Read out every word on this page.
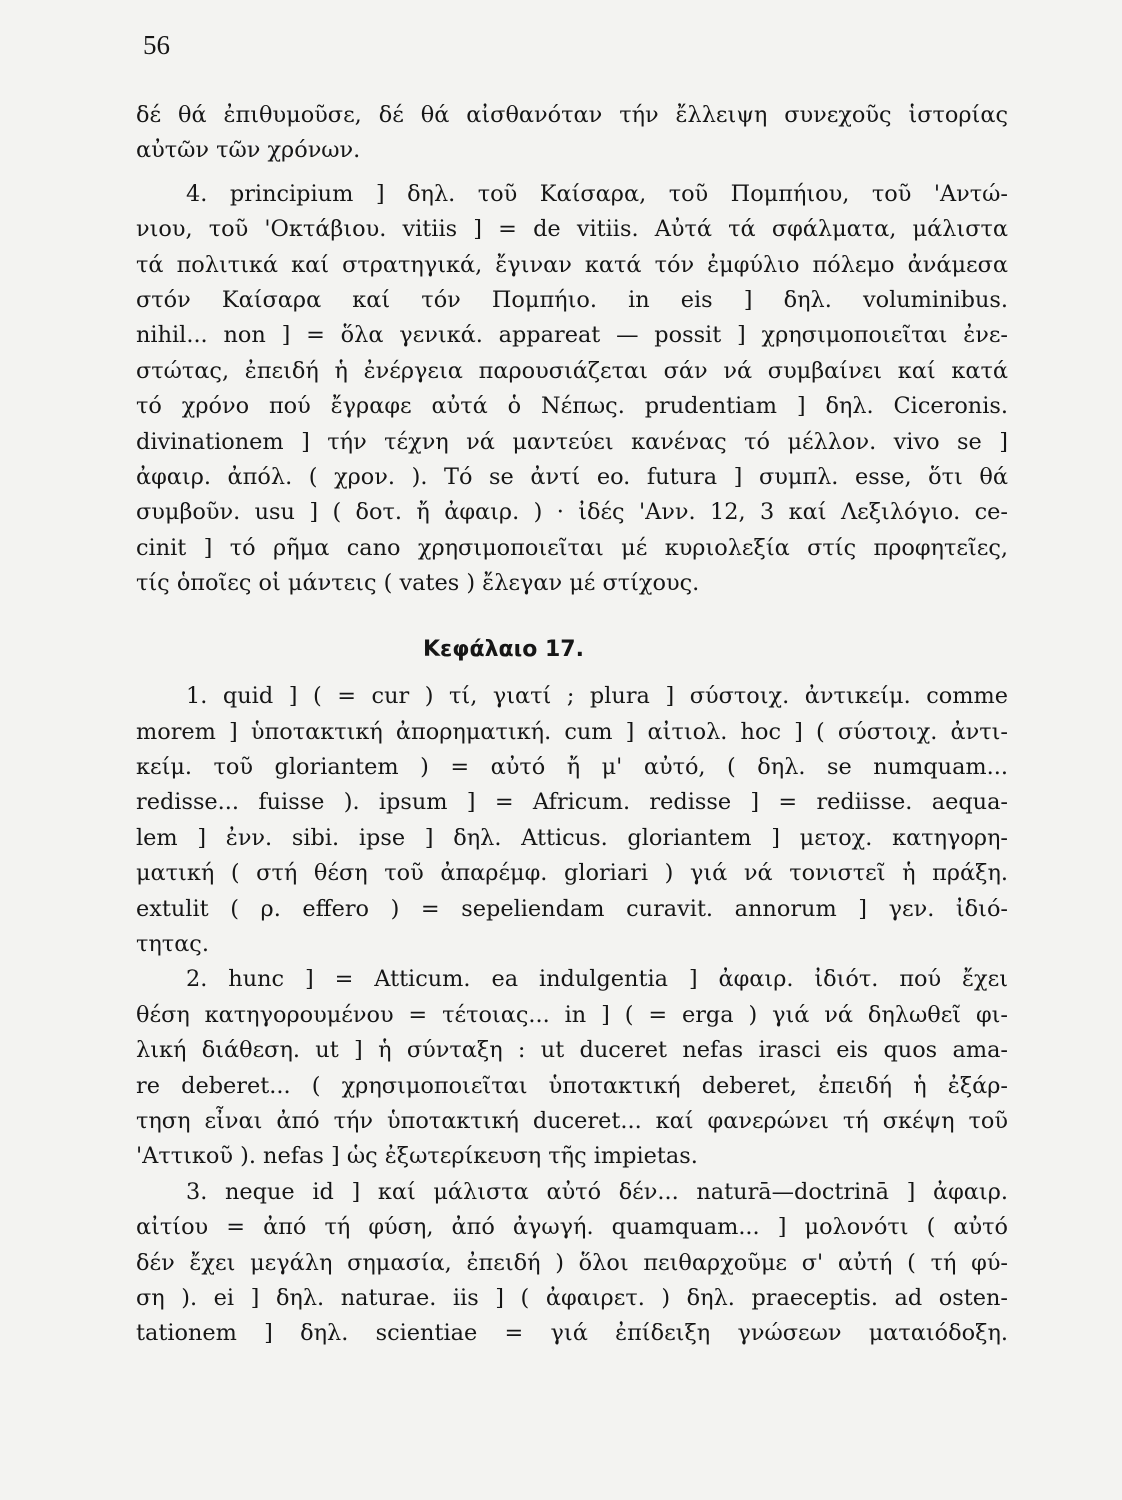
56
δέ θά ἐπιθυμοῦσε, δέ θά αἰσθανόταν τήν ἔλλειψη συνεχοῦς ἱστορίας
αὐτῶν τῶν χρόνων.
4. principium ] δηλ. τοῦ Καίσαρα, τοῦ Πομπήιου, τοῦ 'Αντώ-
νιου, τοῦ 'Οκτάβιου. vitiis ] = de vitiis. Αὐτά τά σφάλματα, μάλιστα
τά πολιτικά καί στρατηγικά, ἔγιναν κατά τόν ἐμφύλιο πόλεμο ἀνάμεσα
στόν Καίσαρα καί τόν Πομπήιο. in eis ] δηλ. voluminibus.
nihil... non ] = ὅλα γενικά. appareat — possit ] χρησιμοποιεῖται ἐνε-
στώτας, ἐπειδή ἡ ἐνέργεια παρουσιάζεται σάν νά συμβαίνει καί κατά
τό χρόνο πού ἔγραφε αὐτά ὁ Νέπως. prudentiam ] δηλ. Ciceronis.
divinationem ] τήν τέχνη νά μαντεύει κανένας τό μέλλον. vivo se ]
ἀφαιρ. ἀπόλ. ( χρον. ). Τό se ἀντί eo. futura ] συμπλ. esse, ὅτι θά
συμβοῦν. usu ] ( δοτ. ἤ ἀφαιρ. ) · ἰδές 'Ανν. 12, 3 καί Λεξιλόγιο. ce-
cinit ] τό ρῆμα cano χρησιμοποιεῖται μέ κυριολεξία στίς προφητεῖες,
τίς ὁποῖες οἱ μάντεις ( vates ) ἔλεγαν μέ στίχους.
Κεφάλαιο 17.
1. quid ] ( = cur ) τί, γιατί ; plura ] σύστοιχ. ἀντικείμ. comme
morem ] ὑποτακτική ἀπορηματική. cum ] αἰτιολ. hoc ] ( σύστοιχ. ἀντι-
κείμ. τοῦ gloriantem ) = αὐτό ἤ μ' αὐτό, ( δηλ. se numquam...
redisse... fuisse ). ipsum ] = Africum. redisse ] = rediisse. aequa-
lem ] ἐνν. sibi. ipse ] δηλ. Atticus. gloriantem ] μετοχ. κατηγορη-
ματική ( στή θέση τοῦ ἀπαρέμφ. gloriari ) γιά νά τονιστεῖ ἡ πράξη.
extulit ( ρ. effero ) = sepeliendam curavit. annorum ] γεν. ἰδιό-
τητας.
2. hunc ] = Atticum. ea indulgentia ] ἀφαιρ. ἰδιότ. πού ἔχει
θέση κατηγορουμένου = τέτοιας... in ] ( = erga ) γιά νά δηλωθεῖ φι-
λική διάθεση. ut ] ἡ σύνταξη : ut duceret nefas irasci eis quos ama-
re deberet... ( χρησιμοποιεῖται ὑποτακτική deberet, ἐπειδή ἡ ἐξάρ-
τηση εἶναι ἀπό τήν ὑποτακτική duceret... καί φανερώνει τή σκέψη τοῦ
'Αττικοῦ ). nefas ] ὡς ἐξωτερίκευση τῆς impietas.
3. neque id ] καί μάλιστα αὐτό δέν... naturā—doctrinā ] ἀφαιρ.
αἰτίου = ἀπό τή φύση, ἀπό ἀγωγή. quamquam... ] μολονότι ( αὐτό
δέν ἔχει μεγάλη σημασία, ἐπειδή ) ὅλοι πειθαρχοῦμε σ' αὐτή ( τή φύ-
ση ). ei ] δηλ. naturae. iis ] ( ἀφαιρετ. ) δηλ. praeceptis. ad osten-
tationem ] δηλ. scientiae = γιά ἐπίδειξη γνώσεων ματαιόδοξη.
